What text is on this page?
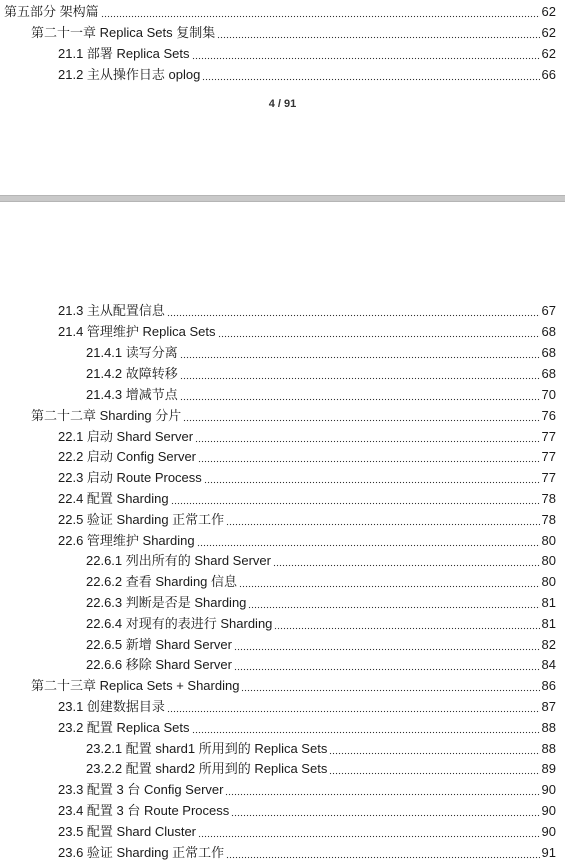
第五部分 架构篇	62
第二十一章 Replica Sets 复制集	62
21.1 部署 Replica Sets	62
21.2 主从操作日志 oplog	66
4 / 91
21.3 主从配置信息	67
21.4 管理维护 Replica Sets	68
21.4.1 读写分离	68
21.4.2 故障转移	68
21.4.3 增减节点	70
第二十二章 Sharding 分片	76
22.1 启动 Shard Server	77
22.2 启动 Config Server	77
22.3 启动 Route Process	77
22.4 配置 Sharding	78
22.5 验证 Sharding 正常工作	78
22.6 管理维护 Sharding	80
22.6.1 列出所有的 Shard Server	80
22.6.2 查看 Sharding 信息	80
22.6.3 判断是否是 Sharding	81
22.6.4 对现有的表进行 Sharding	81
22.6.5 新增 Shard Server	82
22.6.6 移除 Shard Server	84
第二十三章 Replica Sets + Sharding	86
23.1 创建数据目录	87
23.2 配置 Replica Sets	88
23.2.1 配置 shard1 所用到的 Replica Sets	88
23.2.2 配置 shard2 所用到的 Replica Sets	89
23.3 配置 3 台 Config Server	90
23.4 配置 3 台 Route Process	90
23.5 配置 Shard Cluster	90
23.6 验证 Sharding 正常工作	91
